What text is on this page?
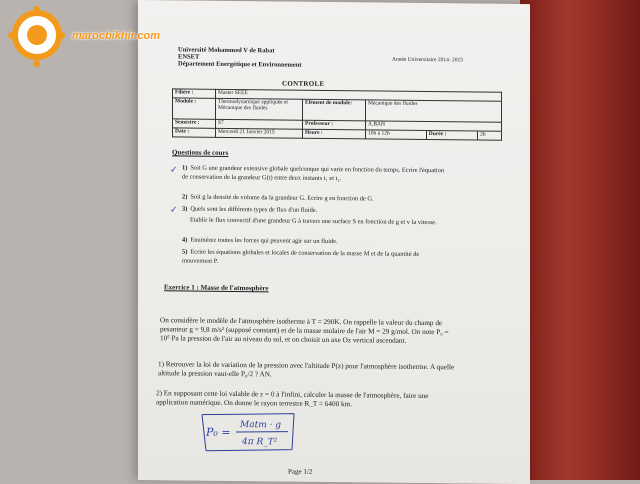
Université Mohammed V de Rabat
ENSET
Département Energétique et Environnement
Année Universitaire 2014- 2015
CONTROLE
Filière :	Master SEEE				
Module :	Thermodynamique appliquée et Mécanique des fluides	Elément de module:	Mécanique des fluides		
Semestre :	S7	Professeur :	A.BAH		
Date :	Mercredi 21 Janvier 2015	Heure :	10h à 12h	Durée :	2h
Questions de cours
✓ 1) Soit G une grandeur extensive globale quelconque qui varie en fonction du temps. Ecrire l'équation de conservation de la grandeur G(t) entre deux instants t₁ et t₂.
2) Soit g la densité de volume da la grandeur G. Ecrire g en fonction de G.
✓ 3) Quels sont les différents types de flux d'un fluide.
Etablir le flux convectif d'une grandeur G à travers une surface S en fonction de g et v la vitesse.
4) Enumérez toutes les forces qui peuvent agir sur un fluide.
5) Ecrire les équations globales et locales de conservation de la masse M et de la quantité de mouvement P.
Exercice 1 : Masse de l'atmosphère
On considère le modèle de l'atmosphère isotherme à T = 290K. On rappelle la valeur du champ de pesanteur g = 9,8 m/s² (supposé constant) et de la masse molaire de l'air M = 29 g/mol. On note P₀ = 10⁵ Pa la pression de l'air au niveau du sol, et on choisit un axe Oz vertical ascendant.
1) Retrouver la loi de variation de la pression avec l'altitude P(z) pour l'atmosphère isotherme. A quelle altitude la pression vaut-elle P₀/2 ? AN.
2) En supposant cette loi valable de z = 0 à l'infini, calculer la masse de l'atmosphère, faire une application numérique. On donne le rayon terrestre R_T = 6400 km.
P₀ =
Matm · g
4π R_T²
Page 1/2
marocbikhir.com
